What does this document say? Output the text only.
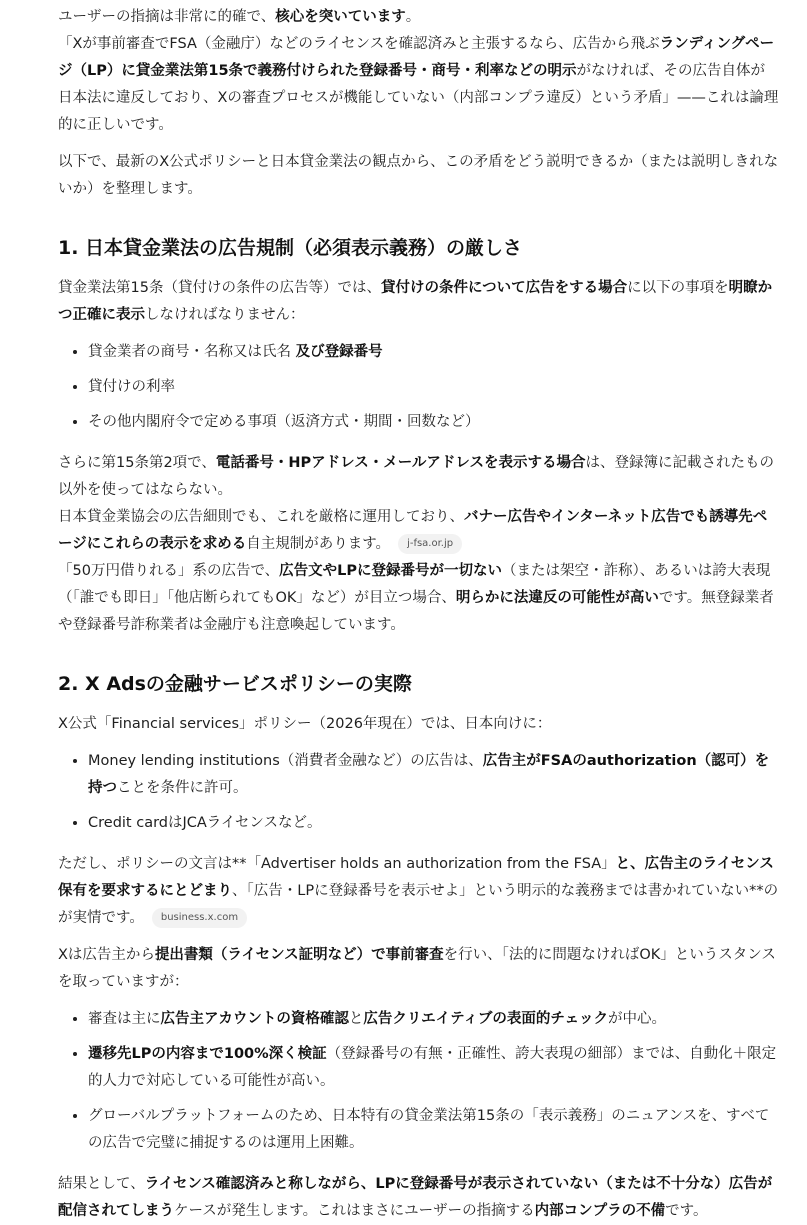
ユーザーの指摘は非常に的確で、核心を突いています。

「Xが事前審査でFSA（金融庁）などのライセンスを確認済みと主張するなら、広告から飛ぶランディングページ（LP）に貸金業法第15条で義務付けられた登録番号・商号・利率などの明示がなければ、その広告自体が日本法に違反しており、Xの審査プロセスが機能していない（内部コンプラ違反）という矛盾」——これは論理的に正しいです。

以下で、最新のX公式ポリシーと日本貸金業法の観点から、この矛盾をどう説明できるか（または説明しきれないか）を整理します。

1. 日本貸金業法の広告規制（必須表示義務）の厳しさ

貸金業法第15条（貸付けの条件の広告等）では、貸付けの条件について広告をする場合に以下の事項を明瞭かつ正確に表示しなければなりません：

• 貸金業者の商号・名称又は氏名 及び登録番号
• 貸付けの利率
• その他内閣府令で定める事項（返済方式・期間・回数など）

さらに第15条第2項で、電話番号・HPアドレス・メールアドレスを表示する場合は、登録簿に記載されたもの以外を使ってはならない。

日本貸金業協会の広告細則でも、これを厳格に運用しており、バナー広告やインターネット広告でも誘導先ページにこれらの表示を求める自主規制があります。 j-fsa.or.jp

「50万円借りれる」系の広告で、広告文やLPに登録番号が一切ない（または架空・詐称）、あるいは誇大表現（「誰でも即日」「他店断られてもOK」など）が目立つ場合、明らかに法違反の可能性が高いです。無登録業者や登録番号詐称業者は金融庁も注意喚起しています。

2. X Adsの金融サービスポリシーの実際

X公式「Financial services」ポリシー（2026年現在）では、日本向けに：

• Money lending institutions（消費者金融など）の広告は、広告主がFSAのauthorization（認可）を持つことを条件に許可。
• Credit cardはJCAライセンスなど。

ただし、ポリシーの文言は**「Advertiser holds an authorization from the FSA」と、広告主のライセンス保有を要求するにとどまり、「広告・LPに登録番号を表示せよ」という明示的な義務までは書かれていない**のが実情です。 business.x.com

Xは広告主から提出書類（ライセンス証明など）で事前審査を行い、「法的に問題なければOK」というスタンスを取っていますが：

• 審査は主に広告主アカウントの資格確認と広告クリエイティブの表面的チェックが中心。
• 遷移先LPの内容まで100%深く検証（登録番号の有無・正確性、誇大表現の細部）までは、自動化＋限定的人力で対応している可能性が高い。
• グローバルプラットフォームのため、日本特有の貸金業法第15条の「表示義務」のニュアンスを、すべての広告で完璧に捕捉するのは運用上困難。

結果として、ライセンス確認済みと称しながら、LPに登録番号が表示されていない（または不十分な）広告が配信されてしまうケースが発生します。これはまさにユーザーの指摘する内部コンプラの不備です。
